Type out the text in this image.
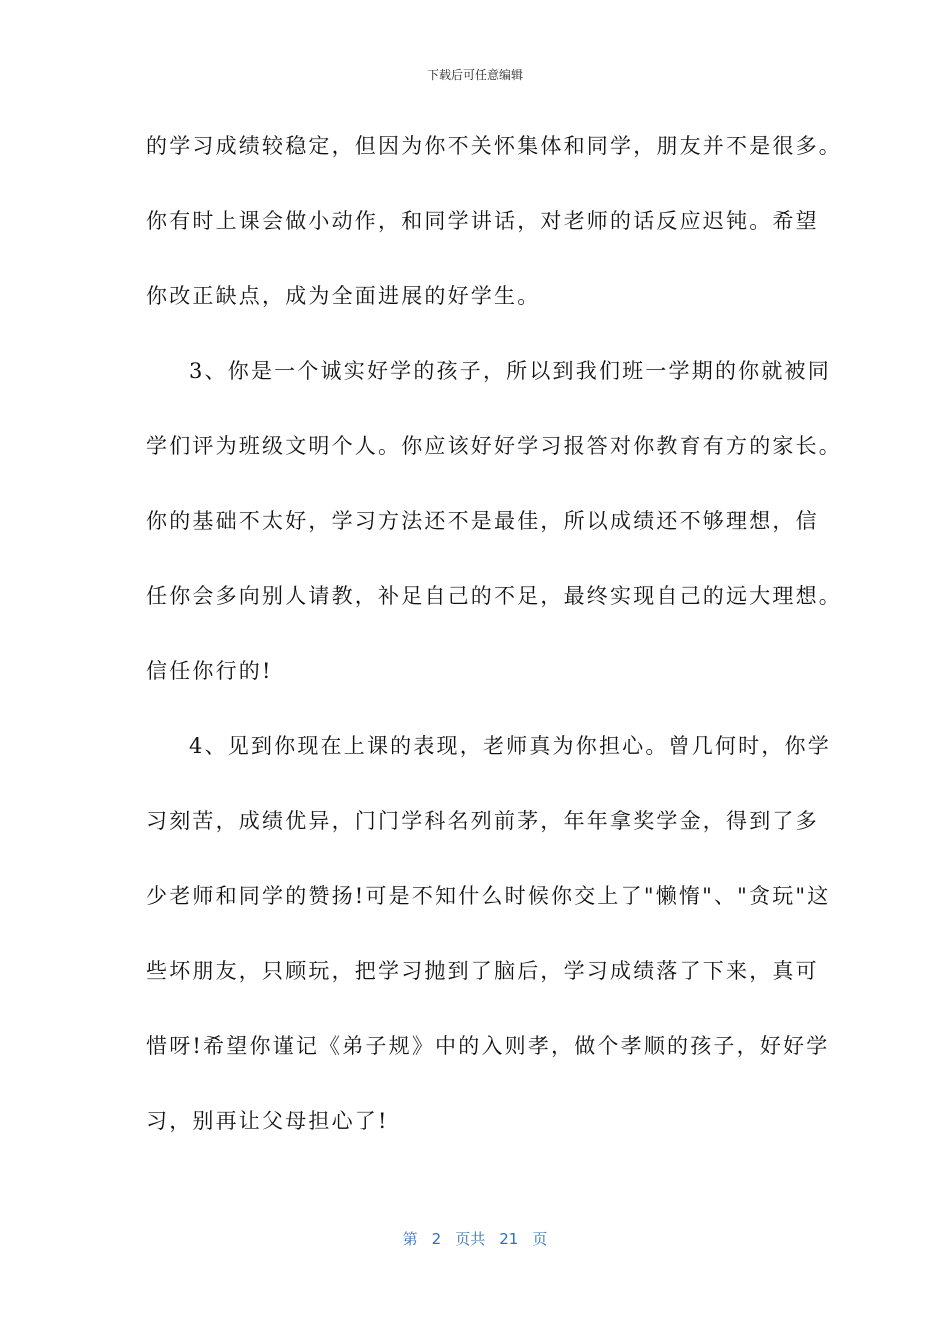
下载后可任意编辑
的学习成绩较稳定，但因为你不关怀集体和同学，朋友并不是很多。
你有时上课会做小动作，和同学讲话，对老师的话反应迟钝。希望
你改正缺点，成为全面进展的好学生。
3、你是一个诚实好学的孩子，所以到我们班一学期的你就被同
学们评为班级文明个人。你应该好好学习报答对你教育有方的家长。
你的基础不太好，学习方法还不是最佳，所以成绩还不够理想，信
任你会多向别人请教，补足自己的不足，最终实现自己的远大理想。
信任你行的!
4、见到你现在上课的表现，老师真为你担心。曾几何时，你学
习刻苦，成绩优异，门门学科名列前茅，年年拿奖学金，得到了多
少老师和同学的赞扬!可是不知什么时候你交上了"懒惰"、"贪玩"这
些坏朋友，只顾玩，把学习抛到了脑后，学习成绩落了下来，真可
惜呀!希望你谨记《弟子规》中的入则孝，做个孝顺的孩子，好好学
习，别再让父母担心了!
第 2 页共 21 页
